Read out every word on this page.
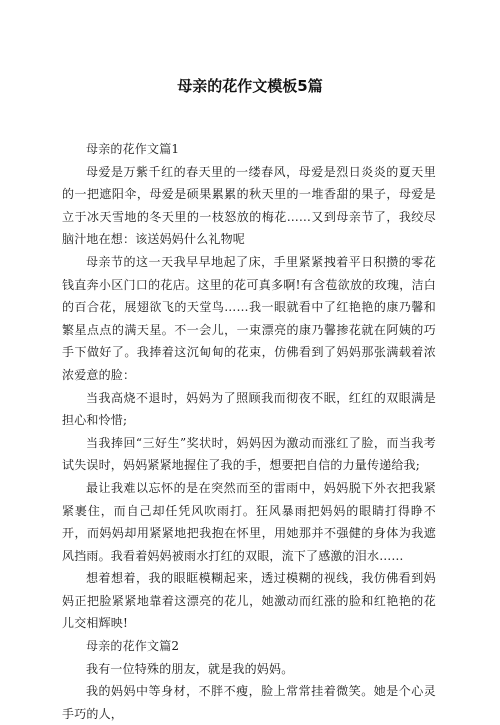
母亲的花作文模板5篇

母亲的花作文篇1

母爱是万紫千红的春天里的一缕春风，母爱是烈日炎炎的夏天里的一把遮阳伞，母爱是硕果累累的秋天里的一堆香甜的果子，母爱是立于冰天雪地的冬天里的一枝怒放的梅花……又到母亲节了，我绞尽脑汁地在想：该送妈妈什么礼物呢

母亲节的这一天我早早地起了床，手里紧紧拽着平日积攒的零花钱直奔小区门口的花店。这里的花可真多啊!有含苞欲放的玫瑰，洁白的百合花，展翅欲飞的天堂鸟……我一眼就看中了红艳艳的康乃馨和繁星点点的满天星。不一会儿，一束漂亮的康乃馨掺花就在阿姨的巧手下做好了。我捧着这沉甸甸的花束，仿佛看到了妈妈那张满载着浓浓爱意的脸：

当我高烧不退时，妈妈为了照顾我而彻夜不眠，红红的双眼满是担心和怜惜;

当我捧回“三好生”奖状时，妈妈因为激动而涨红了脸，而当我考试失误时，妈妈紧紧地握住了我的手，想要把自信的力量传递给我;

最让我难以忘怀的是在突然而至的雷雨中，妈妈脱下外衣把我紧紧裹住，而自己却任凭风吹雨打。狂风暴雨把妈妈的眼睛打得睁不开，而妈妈却用紧紧地把我抱在怀里，用她那并不强健的身体为我遮风挡雨。我看着妈妈被雨水打红的双眼，流下了感激的泪水……

想着想着，我的眼眶模糊起来，透过模糊的视线，我仿佛看到妈妈正把脸紧紧地靠着这漂亮的花儿，她激动而红涨的脸和红艳艳的花儿交相辉映!

母亲的花作文篇2

我有一位特殊的朋友，就是我的妈妈。

我的妈妈中等身材，不胖不瘦，脸上常常挂着微笑。她是个心灵手巧的人，
